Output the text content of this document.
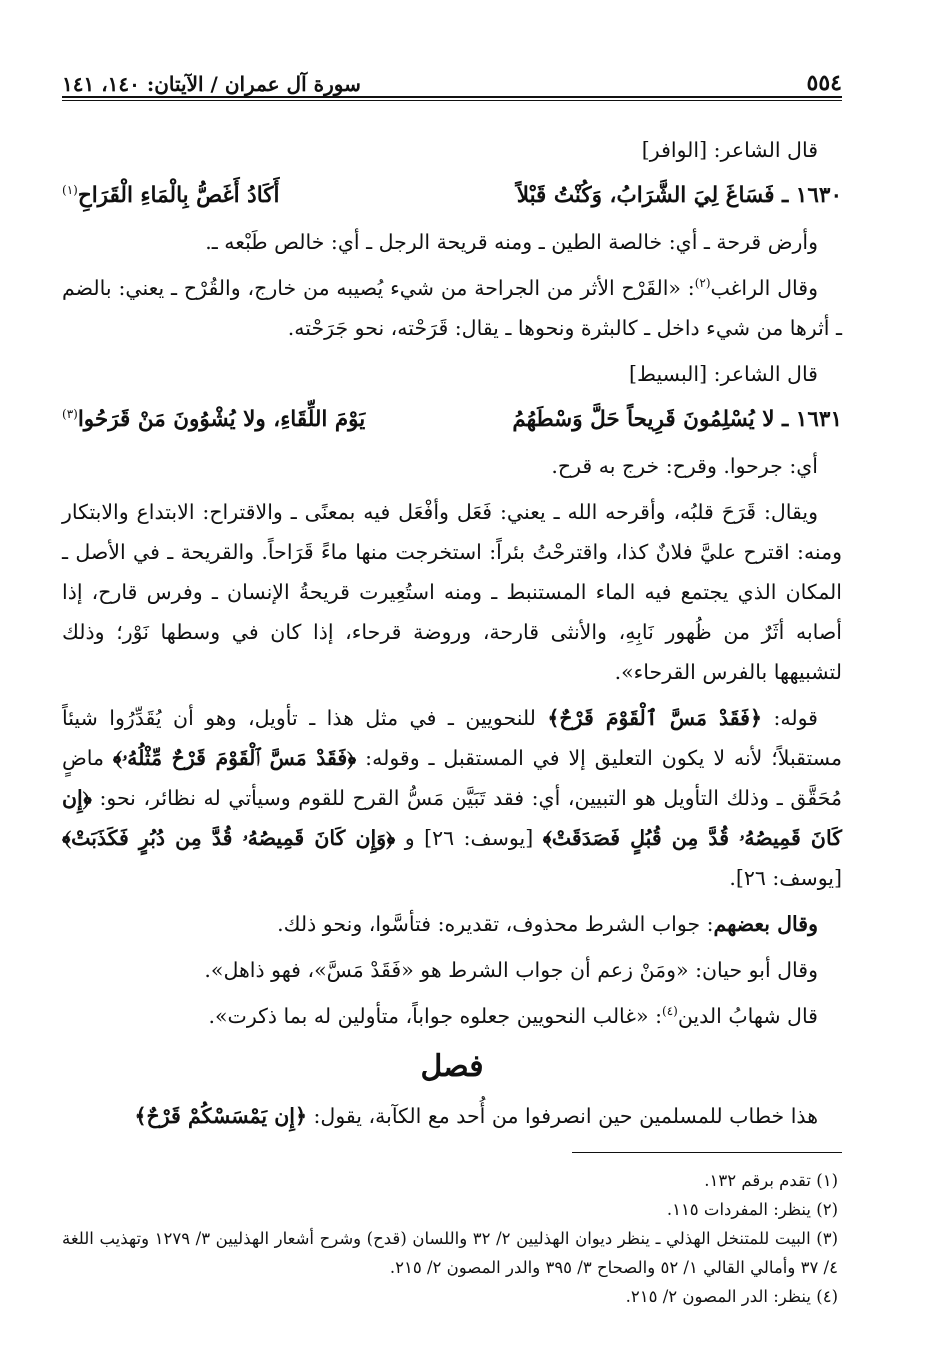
٥٥٤
سورة آل عمران / الآيتان: ١٤٠، ١٤١

قال الشاعر: [الوافر]

١٦٣٠ ـ فَسَاغَ لِيَ الشَّرَابُ، وَكُنْتُ قَبْلاً
أَكَادُ أَغَصُّ بِالْمَاءِ الْقَرَاحِ$^{(١)}$

وأرض قرحة ـ أي: خالصة الطين ـ ومنه قريحة الرجل ـ أي: خالص طَبْعه ـ.

وقال الراغب$^{(٢)}$: «القَرْح الأثر من الجراحة من شيء يُصيبه من خارج، والقُرْح ـ يعني: بالضم ـ أثرها من شيء داخل ـ كالبثرة ونحوها ـ يقال: قَرَحْته، نحو جَرَحْته.

قال الشاعر: [البسيط]

١٦٣١ ـ لا يُسْلِمُونَ قَرِيحاً حَلَّ وَسْطَهُمُ
يَوْمَ اللِّقَاءِ، ولا يُشْوُونَ مَنْ قَرَحُوا$^{(٣)}$

أي: جرحوا. وقرح: خرج به قرح.

ويقال: قَرَحَ قلبُه، وأقرحه الله ـ يعني: فَعَل وأفْعَل فيه بمعنًى ـ والاقتراح: الابتداع والابتكار ومنه: اقترح عليَّ فلانٌ كذا، واقترحْتُ بئراً: استخرجت منها ماءً قَرَاحاً. والقريحة ـ في الأصل ـ المكان الذي يجتمع فيه الماء المستنبط ـ ومنه استُعِيرت قريحةُ الإنسان ـ وفرس قارح، إذا أصابه أثَرٌ من ظُهور نَابِهِ، والأنثى قارحة، وروضة قرحاء، إذا كان في وسطها نَوْر؛ وذلك لتشبيهها بالفرس القرحاء».

قوله: ﴿فَقَدْ مَسَّ ٱلْقَوْمَ قَرْحٌ﴾ للنحويين ـ في مثل هذا ـ تأويل، وهو أن يُقَدِّرُوا شيئاً مستقبلاً؛ لأنه لا يكون التعليق إلا في المستقبل ـ وقوله: ﴿فَقَدْ مَسَّ ٱلْقَوْمَ قَرْحٌ مِّثْلُهُۥ﴾ ماضٍ مُحَقَّق ـ وذلك التأويل هو التبيين، أي: فقد تَبَيَّن مَسُّ القرح للقوم وسيأتي له نظائر، نحو: ﴿إِن كَانَ قَمِيصُهُۥ قُدَّ مِن قُبُلٍ فَصَدَقَتْ﴾ [يوسف: ٢٦] و ﴿وَإِن كَانَ قَمِيصُهُۥ قُدَّ مِن دُبُرٍ فَكَذَبَتْ﴾ [يوسف: ٢٦].

وقال بعضهم: جواب الشرط محذوف، تقديره: فتأسَّوا، ونحو ذلك.

وقال أبو حيان: «ومَنْ زعم أن جواب الشرط هو «فَقَدْ مَسَّ»، فهو ذاهل».

قال شهابُ الدين$^{(٤)}$: «غالب النحويين جعلوه جواباً، متأولين له بما ذكرت».

فصل

هذا خطاب للمسلمين حين انصرفوا من أُحد مع الكآبة، يقول: ﴿إِن يَمْسَسْكُمْ قَرْحٌ﴾

(١) تقدم برقم ١٣٢.

(٢) ينظر: المفردات ١١٥.

(٣) البيت للمتنخل الهذلي ـ ينظر ديوان الهذليين ٢/ ٣٢ واللسان (قدح) وشرح أشعار الهذليين ٣/ ١٢٧٩ وتهذيب اللغة ٤/ ٣٧ وأمالي القالي ١/ ٥٢ والصحاح ٣/ ٣٩٥ والدر المصون ٢/ ٢١٥.

(٤) ينظر: الدر المصون ٢/ ٢١٥.
